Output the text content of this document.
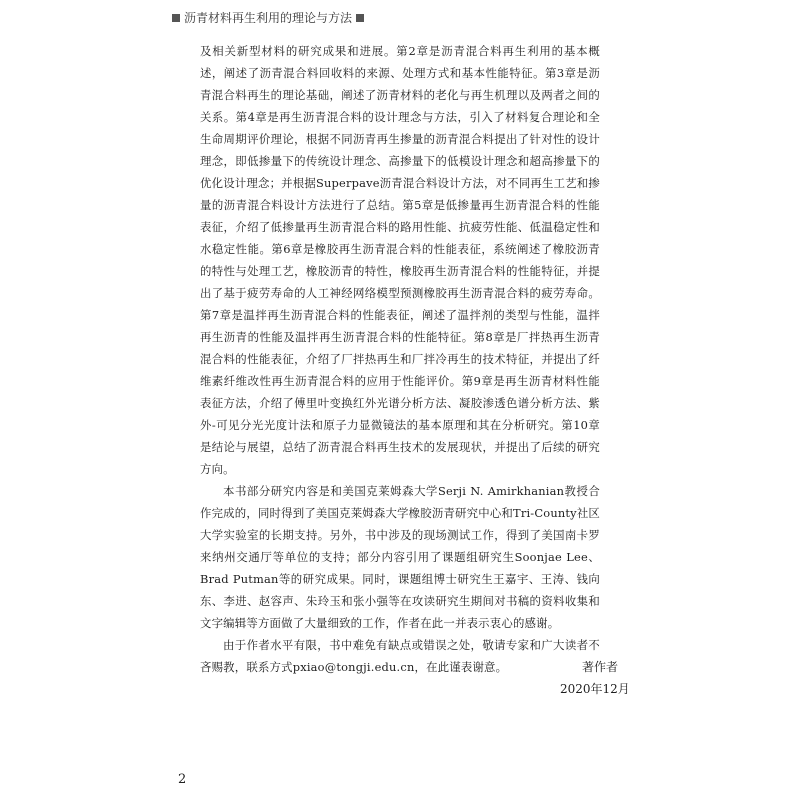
沥青材料再生利用的理论与方法

及相关新型材料的研究成果和进展。第2章是沥青混合料再生利用的基本概述，阐述了沥青混合料回收料的来源、处理方式和基本性能特征。第3章是沥青混合料再生的理论基础，阐述了沥青材料的老化与再生机理以及两者之间的关系。第4章是再生沥青混合料的设计理念与方法，引入了材料复合理论和全生命周期评价理论，根据不同沥青再生掺量的沥青混合料提出了针对性的设计理念，即低掺量下的传统设计理念、高掺量下的低模设计理念和超高掺量下的优化设计理念；并根据Superpave沥青混合料设计方法，对不同再生工艺和掺量的沥青混合料设计方法进行了总结。第5章是低掺量再生沥青混合料的性能表征，介绍了低掺量再生沥青混合料的路用性能、抗疲劳性能、低温稳定性和水稳定性能。第6章是橡胶再生沥青混合料的性能表征，系统阐述了橡胶沥青的特性与处理工艺，橡胶沥青的特性，橡胶再生沥青混合料的性能特征，并提出了基于疲劳寿命的人工神经网络模型预测橡胶再生沥青混合料的疲劳寿命。第7章是温拌再生沥青混合料的性能表征，阐述了温拌剂的类型与性能，温拌再生沥青的性能及温拌再生沥青混合料的性能特征。第8章是厂拌热再生沥青混合料的性能表征，介绍了厂拌热再生和厂拌冷再生的技术特征，并提出了纤维素纤维改性再生沥青混合料的应用于性能评价。第9章是再生沥青材料性能表征方法，介绍了傅里叶变换红外光谱分析方法、凝胶渗透色谱分析方法、紫外-可见分光光度计法和原子力显微镜法的基本原理和其在分析研究。第10章是结论与展望，总结了沥青混合料再生技术的发展现状，并提出了后续的研究方向。

本书部分研究内容是和美国克莱姆森大学Serji N. Amirkhanian教授合作完成的，同时得到了美国克莱姆森大学橡胶沥青研究中心和Tri-County社区大学实验室的长期支持。另外，书中涉及的现场测试工作，得到了美国南卡罗来纳州交通厅等单位的支持；部分内容引用了课题组研究生Soonjae Lee、Brad Putman等的研究成果。同时，课题组博士研究生王嘉宇、王涛、钱向东、李进、赵容声、朱玲玉和张小强等在攻读研究生期间对书稿的资料收集和文字编辑等方面做了大量细致的工作，作者在此一并表示衷心的感谢。

由于作者水平有限，书中难免有缺点或错误之处，敬请专家和广大读者不吝赐教，联系方式pxiao@tongji.edu.cn，在此谨表谢意。	著作者
2020年12月
2
